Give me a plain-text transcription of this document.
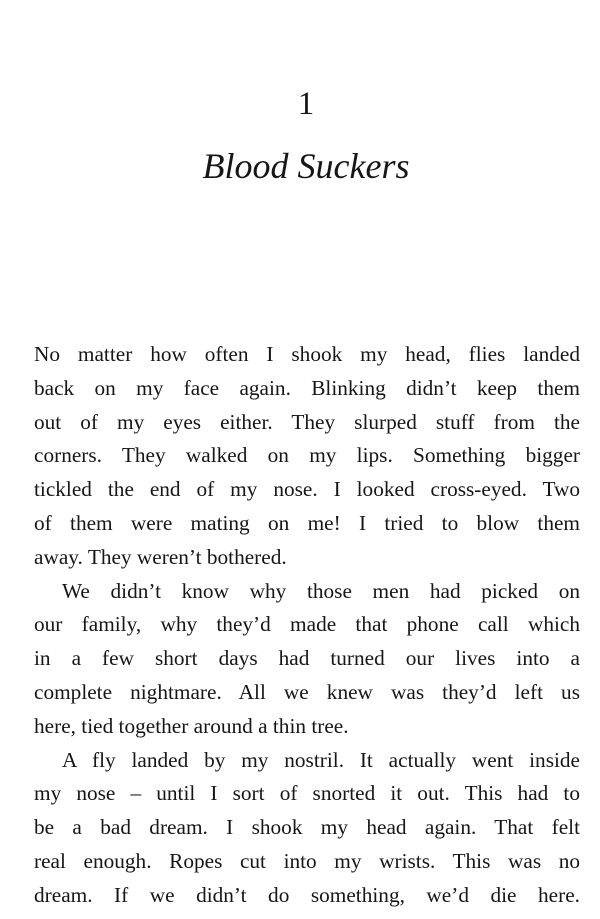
1
Blood Suckers
No matter how often I shook my head, flies landed
back on my face again. Blinking didn’t keep them
out of my eyes either. They slurped stuff from the
corners. They walked on my lips. Something bigger
tickled the end of my nose. I looked cross-eyed. Two
of them were mating on me! I tried to blow them
away. They weren’t bothered.
We didn’t know why those men had picked on
our family, why they’d made that phone call which
in a few short days had turned our lives into a
complete nightmare. All we knew was they’d left us
here, tied together around a thin tree.
A fly landed by my nostril. It actually went inside
my nose – until I sort of snorted it out. This had to
be a bad dream. I shook my head again. That felt
real enough. Ropes cut into my wrists. This was no
dream. If we didn’t do something, we’d die here.
